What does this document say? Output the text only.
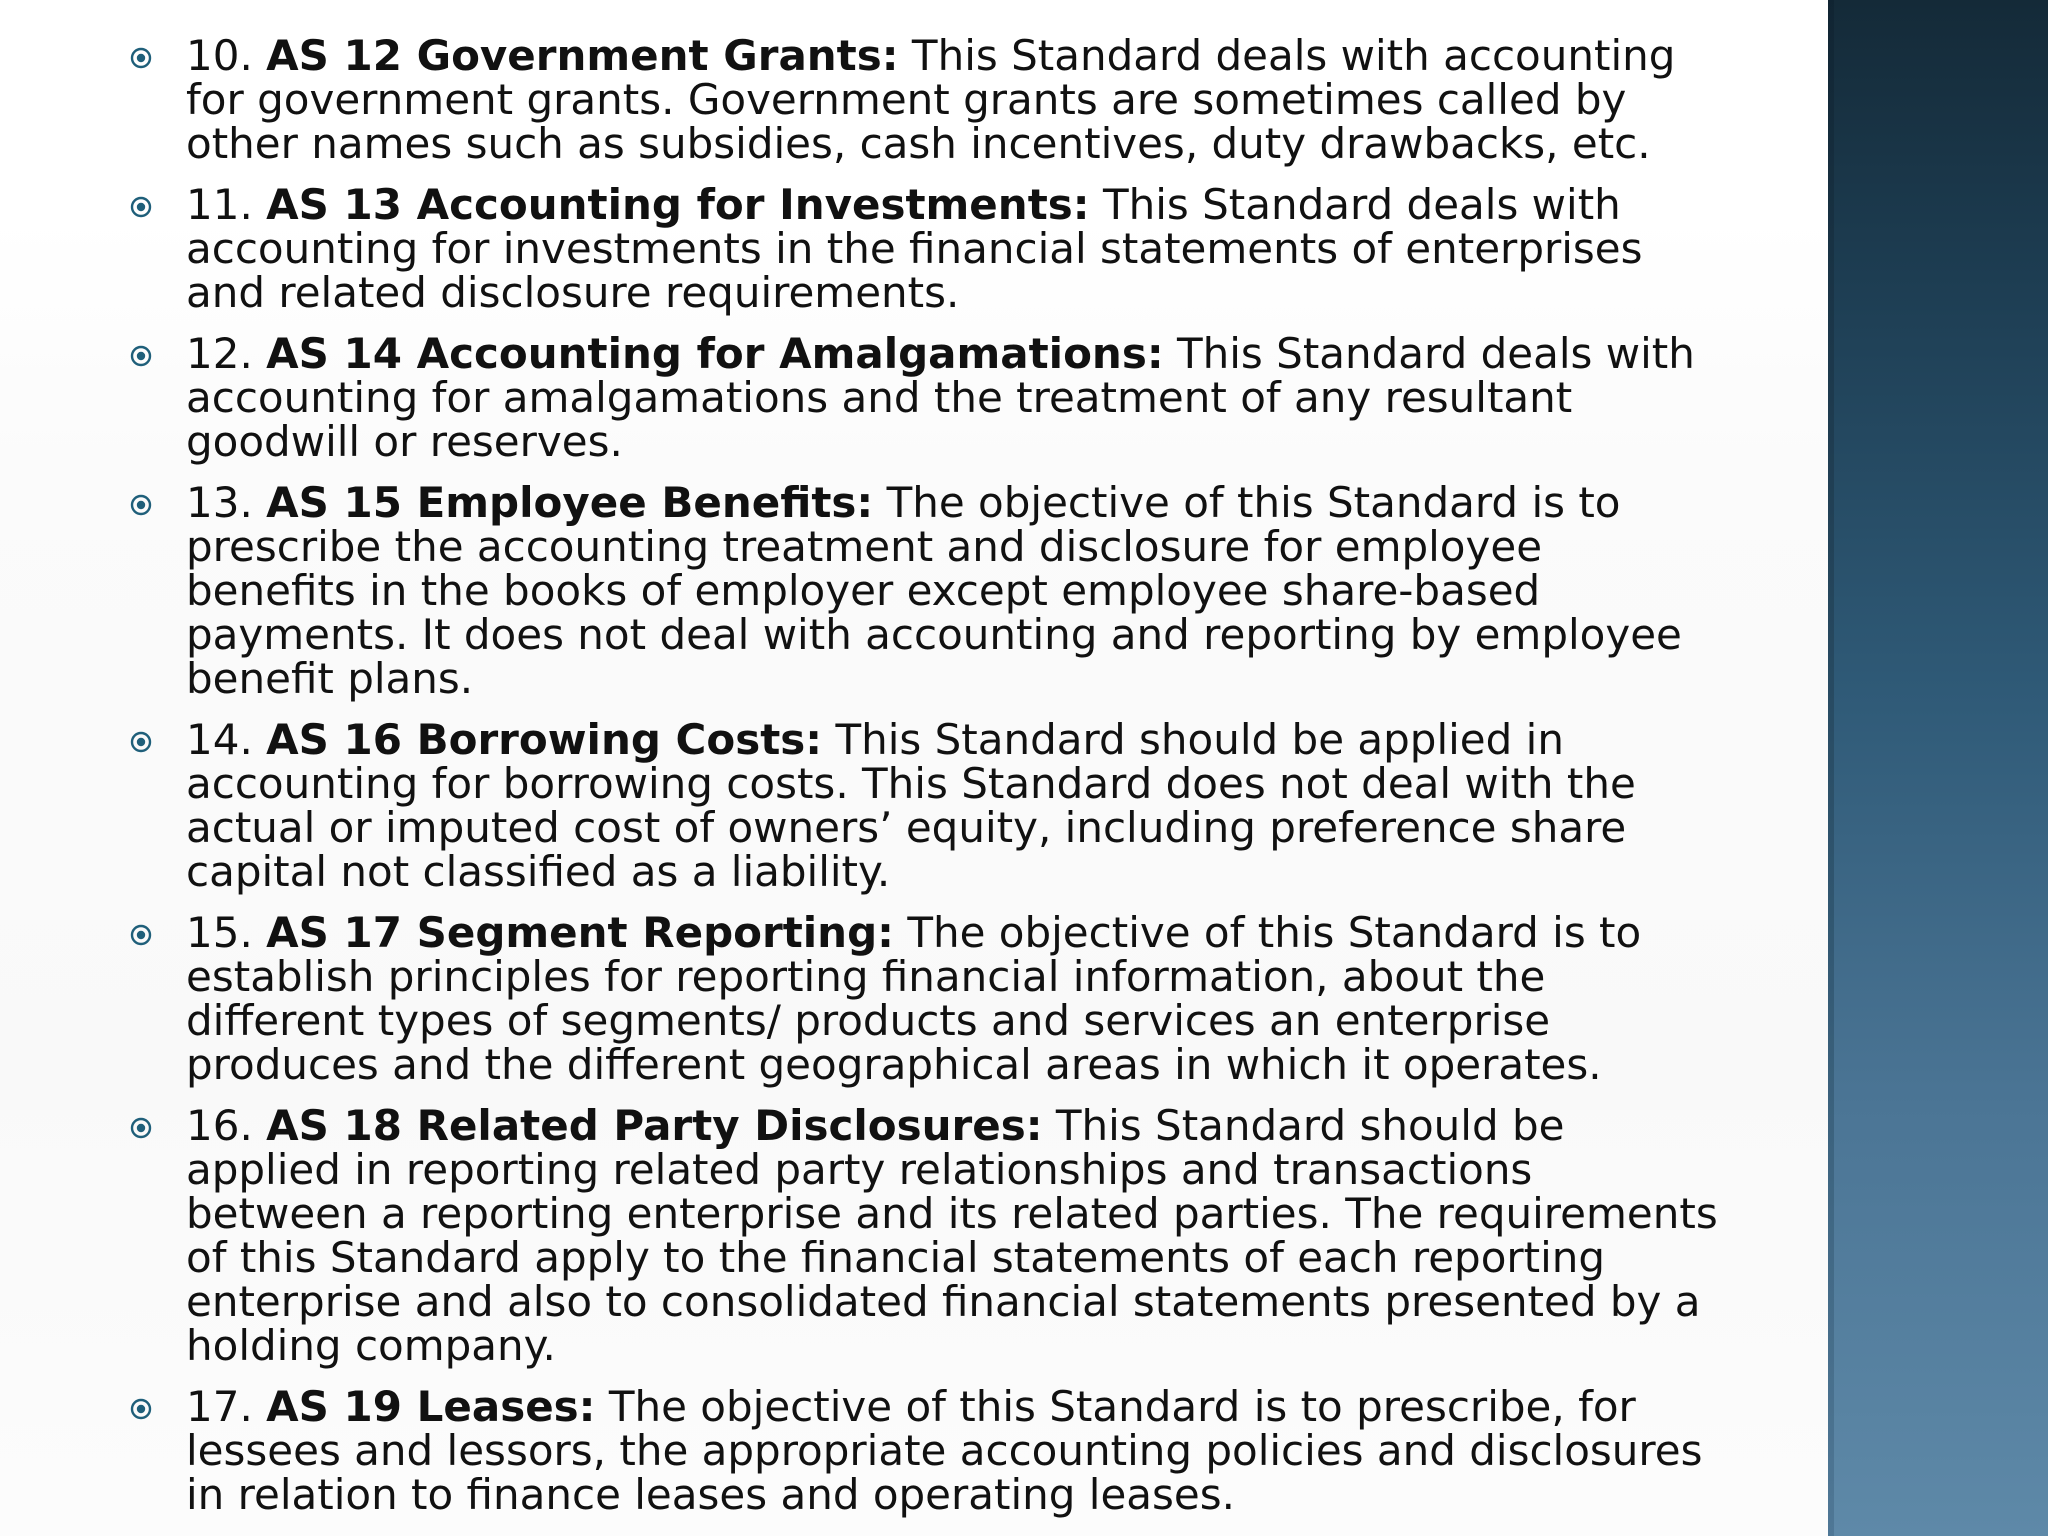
10. AS 12 Government Grants: This Standard deals with accounting for government grants. Government grants are sometimes called by other names such as subsidies, cash incentives, duty drawbacks, etc.
11. AS 13 Accounting for Investments: This Standard deals with accounting for investments in the financial statements of enterprises and related disclosure requirements.
12. AS 14 Accounting for Amalgamations: This Standard deals with accounting for amalgamations and the treatment of any resultant goodwill or reserves.
13. AS 15 Employee Benefits: The objective of this Standard is to prescribe the accounting treatment and disclosure for employee benefits in the books of employer except employee share-based payments. It does not deal with accounting and reporting by employee benefit plans.
14. AS 16 Borrowing Costs: This Standard should be applied in accounting for borrowing costs. This Standard does not deal with the actual or imputed cost of owners’ equity, including preference share capital not classified as a liability.
15. AS 17 Segment Reporting: The objective of this Standard is to establish principles for reporting financial information, about the different types of segments/ products and services an enterprise produces and the different geographical areas in which it operates.
16. AS 18 Related Party Disclosures: This Standard should be applied in reporting related party relationships and transactions between a reporting enterprise and its related parties. The requirements of this Standard apply to the financial statements of each reporting enterprise and also to consolidated financial statements presented by a holding company.
17. AS 19 Leases: The objective of this Standard is to prescribe, for lessees and lessors, the appropriate accounting policies and disclosures in relation to finance leases and operating leases.
